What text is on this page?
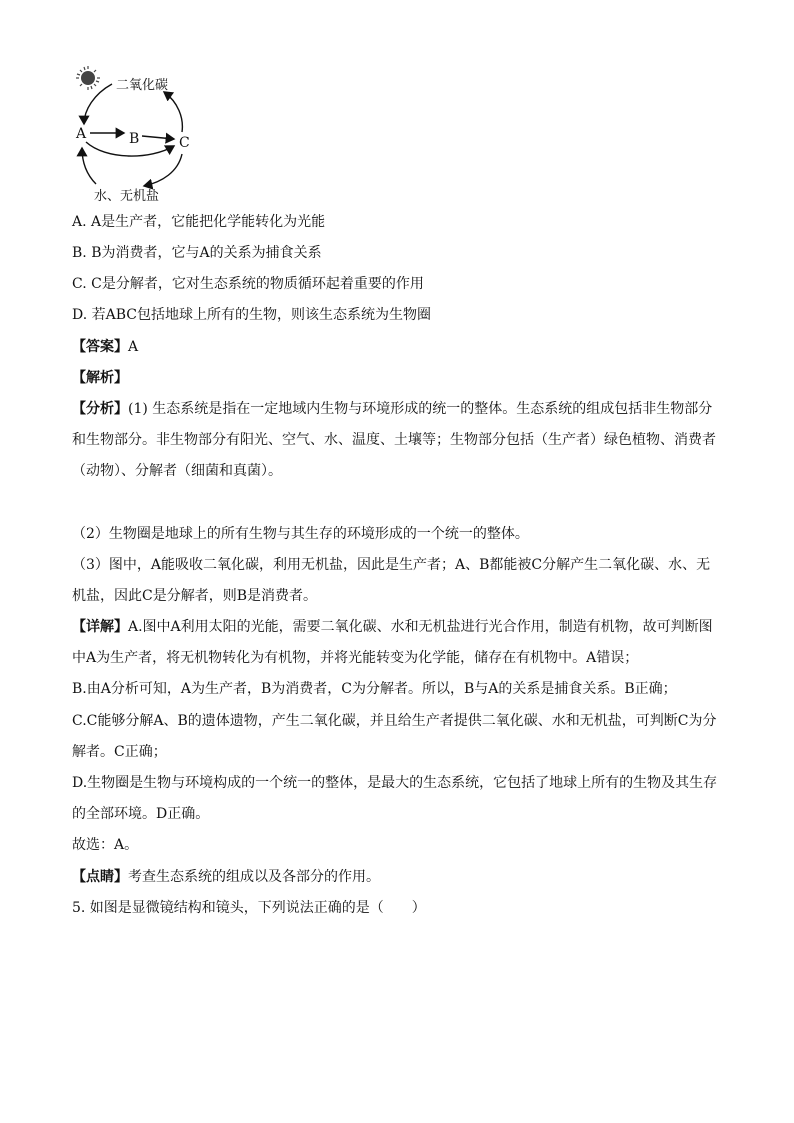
二氧化碳
A	B	C
水、无机盐
A. A是生产者，它能把化学能转化为光能
B. B为消费者，它与A的关系为捕食关系
C. C是分解者，它对生态系统的物质循环起着重要的作用
D. 若ABC包括地球上所有的生物，则该生态系统为生物圈
【答案】A
【解析】
【分析】(1) 生态系统是指在一定地域内生物与环境形成的统一的整体。生态系统的组成包括非生物部分
和生物部分。非生物部分有阳光、空气、水、温度、土壤等；生物部分包括（生产者）绿色植物、消费者
（动物）、分解者（细菌和真菌）。
（2）生物圈是地球上的所有生物与其生存的环境形成的一个统一的整体。
（3）图中，A能吸收二氧化碳，利用无机盐，因此是生产者；A、B都能被C分解产生二氧化碳、水、无
机盐，因此C是分解者，则B是消费者。
【详解】A.图中A利用太阳的光能，需要二氧化碳、水和无机盐进行光合作用，制造有机物，故可判断图
中A为生产者，将无机物转化为有机物，并将光能转变为化学能，储存在有机物中。A错误；
B.由A分析可知，A为生产者，B为消费者，C为分解者。所以，B与A的关系是捕食关系。B正确；
C.C能够分解A、B的遗体遗物，产生二氧化碳，并且给生产者提供二氧化碳、水和无机盐，可判断C为分
解者。C正确；
D.生物圈是生物与环境构成的一个统一的整体，是最大的生态系统，它包括了地球上所有的生物及其生存
的全部环境。D正确。
故选：A。
【点睛】考查生态系统的组成以及各部分的作用。
5. 如图是显微镜结构和镜头，下列说法正确的是（　　）
